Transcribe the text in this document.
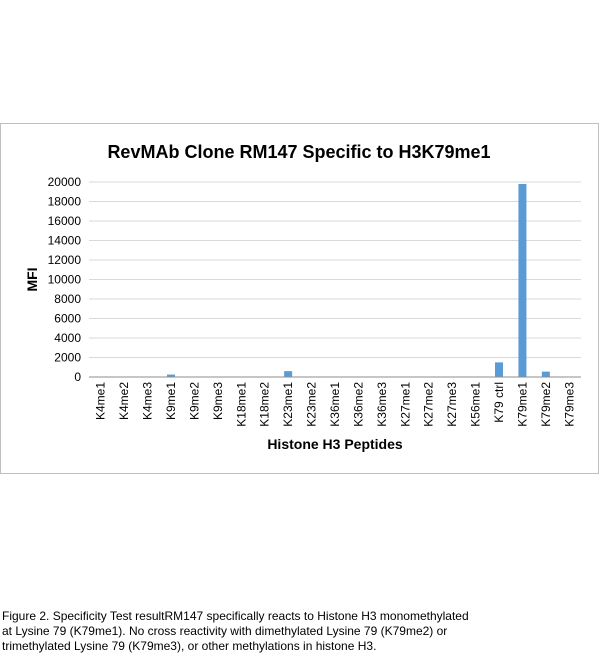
RevMAb Clone RM147 Specific to H3K79me1
0
2000
4000
6000
8000
10000
12000
14000
16000
18000
20000
K4me1 K4me2 K4me3 K9me1 K9me2 K9me3 K18me1 K18me2 K23me1 K23me2 K36me1 K36me2 K36me3 K27me1 K27me2 K27me3 K56me1 K79 ctrl K79me1 K79me2 K79me3
MFI
Histone H3 Peptides
Figure 2. Specificity Test resultRM147 specifically reacts to Histone H3 monomethylated
at Lysine 79 (K79me1). No cross reactivity with dimethylated Lysine 79 (K79me2) or
trimethylated Lysine 79 (K79me3), or other methylations in histone H3.
